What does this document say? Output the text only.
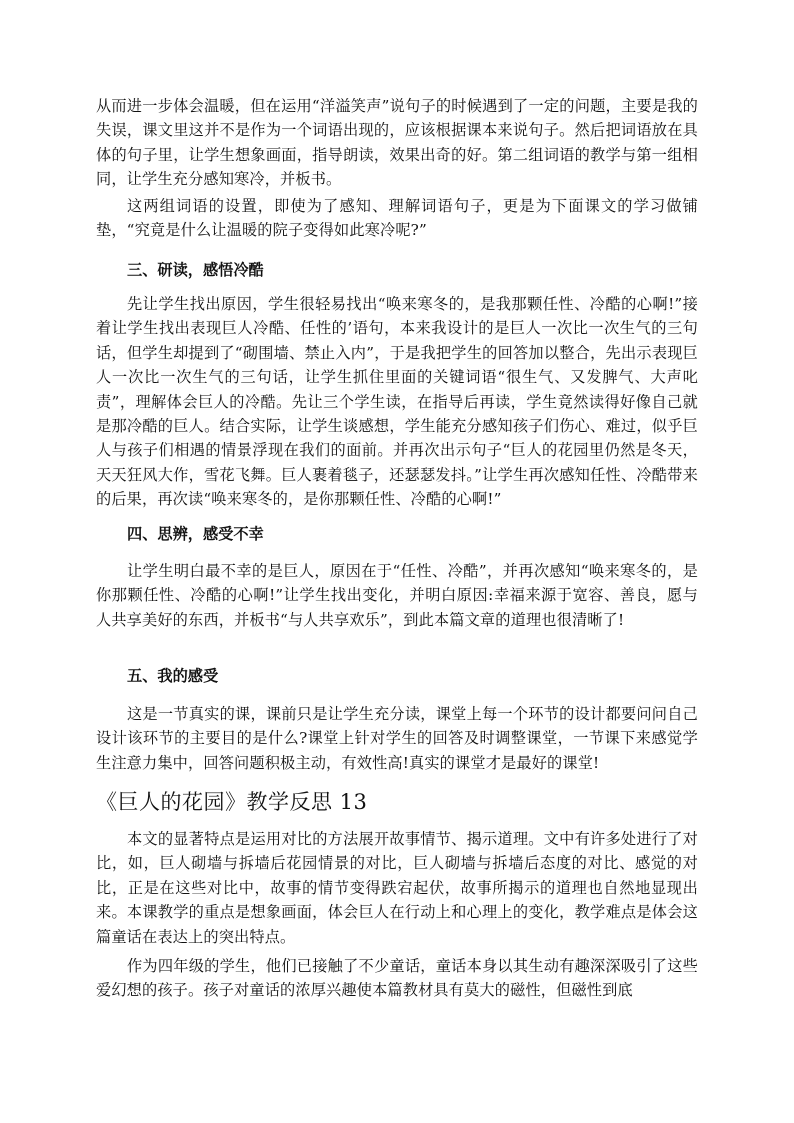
从而进一步体会温暖，但在运用“洋溢笑声”说句子的时候遇到了一定的问题，主要是我的失误，课文里这并不是作为一个词语出现的，应该根据课本来说句子。然后把词语放在具体的句子里，让学生想象画面，指导朗读，效果出奇的好。第二组词语的教学与第一组相同，让学生充分感知寒冷，并板书。

这两组词语的设置，即使为了感知、理解词语句子，更是为下面课文的学习做铺垫，“究竟是什么让温暖的院子变得如此寒冷呢?”

三、研读，感悟冷酷

先让学生找出原因，学生很轻易找出“唤来寒冬的，是我那颗任性、冷酷的心啊!”接着让学生找出表现巨人冷酷、任性的’语句，本来我设计的是巨人一次比一次生气的三句话，但学生却提到了“砌围墙、禁止入内”，于是我把学生的回答加以整合，先出示表现巨人一次比一次生气的三句话，让学生抓住里面的关键词语“很生气、又发脾气、大声叱责”，理解体会巨人的冷酷。先让三个学生读，在指导后再读，学生竟然读得好像自己就是那冷酷的巨人。结合实际，让学生谈感想，学生能充分感知孩子们伤心、难过，似乎巨人与孩子们相遇的情景浮现在我们的面前。并再次出示句子“巨人的花园里仍然是冬天，天天狂风大作，雪花飞舞。巨人裹着毯子，还瑟瑟发抖。”让学生再次感知任性、冷酷带来的后果，再次读“唤来寒冬的，是你那颗任性、冷酷的心啊!”

四、思辨，感受不幸

让学生明白最不幸的是巨人，原因在于“任性、冷酷”，并再次感知“唤来寒冬的，是你那颗任性、冷酷的心啊!”让学生找出变化，并明白原因:幸福来源于宽容、善良，愿与人共享美好的东西，并板书“与人共享欢乐”，到此本篇文章的道理也很清晰了!

五、我的感受

这是一节真实的课，课前只是让学生充分读，课堂上每一个环节的设计都要问问自己设计该环节的主要目的是什么?课堂上针对学生的回答及时调整课堂，一节课下来感觉学生注意力集中，回答问题积极主动，有效性高!真实的课堂才是最好的课堂!

《巨人的花园》教学反思 13

本文的显著特点是运用对比的方法展开故事情节、揭示道理。文中有许多处进行了对比，如，巨人砌墙与拆墙后花园情景的对比，巨人砌墙与拆墙后态度的对比、感觉的对比，正是在这些对比中，故事的情节变得跌宕起伏，故事所揭示的道理也自然地显现出来。本课教学的重点是想象画面，体会巨人在行动上和心理上的变化，教学难点是体会这篇童话在表达上的突出特点。

作为四年级的学生，他们已接触了不少童话，童话本身以其生动有趣深深吸引了这些爱幻想的孩子。孩子对童话的浓厚兴趣使本篇教材具有莫大的磁性，但磁性到底
